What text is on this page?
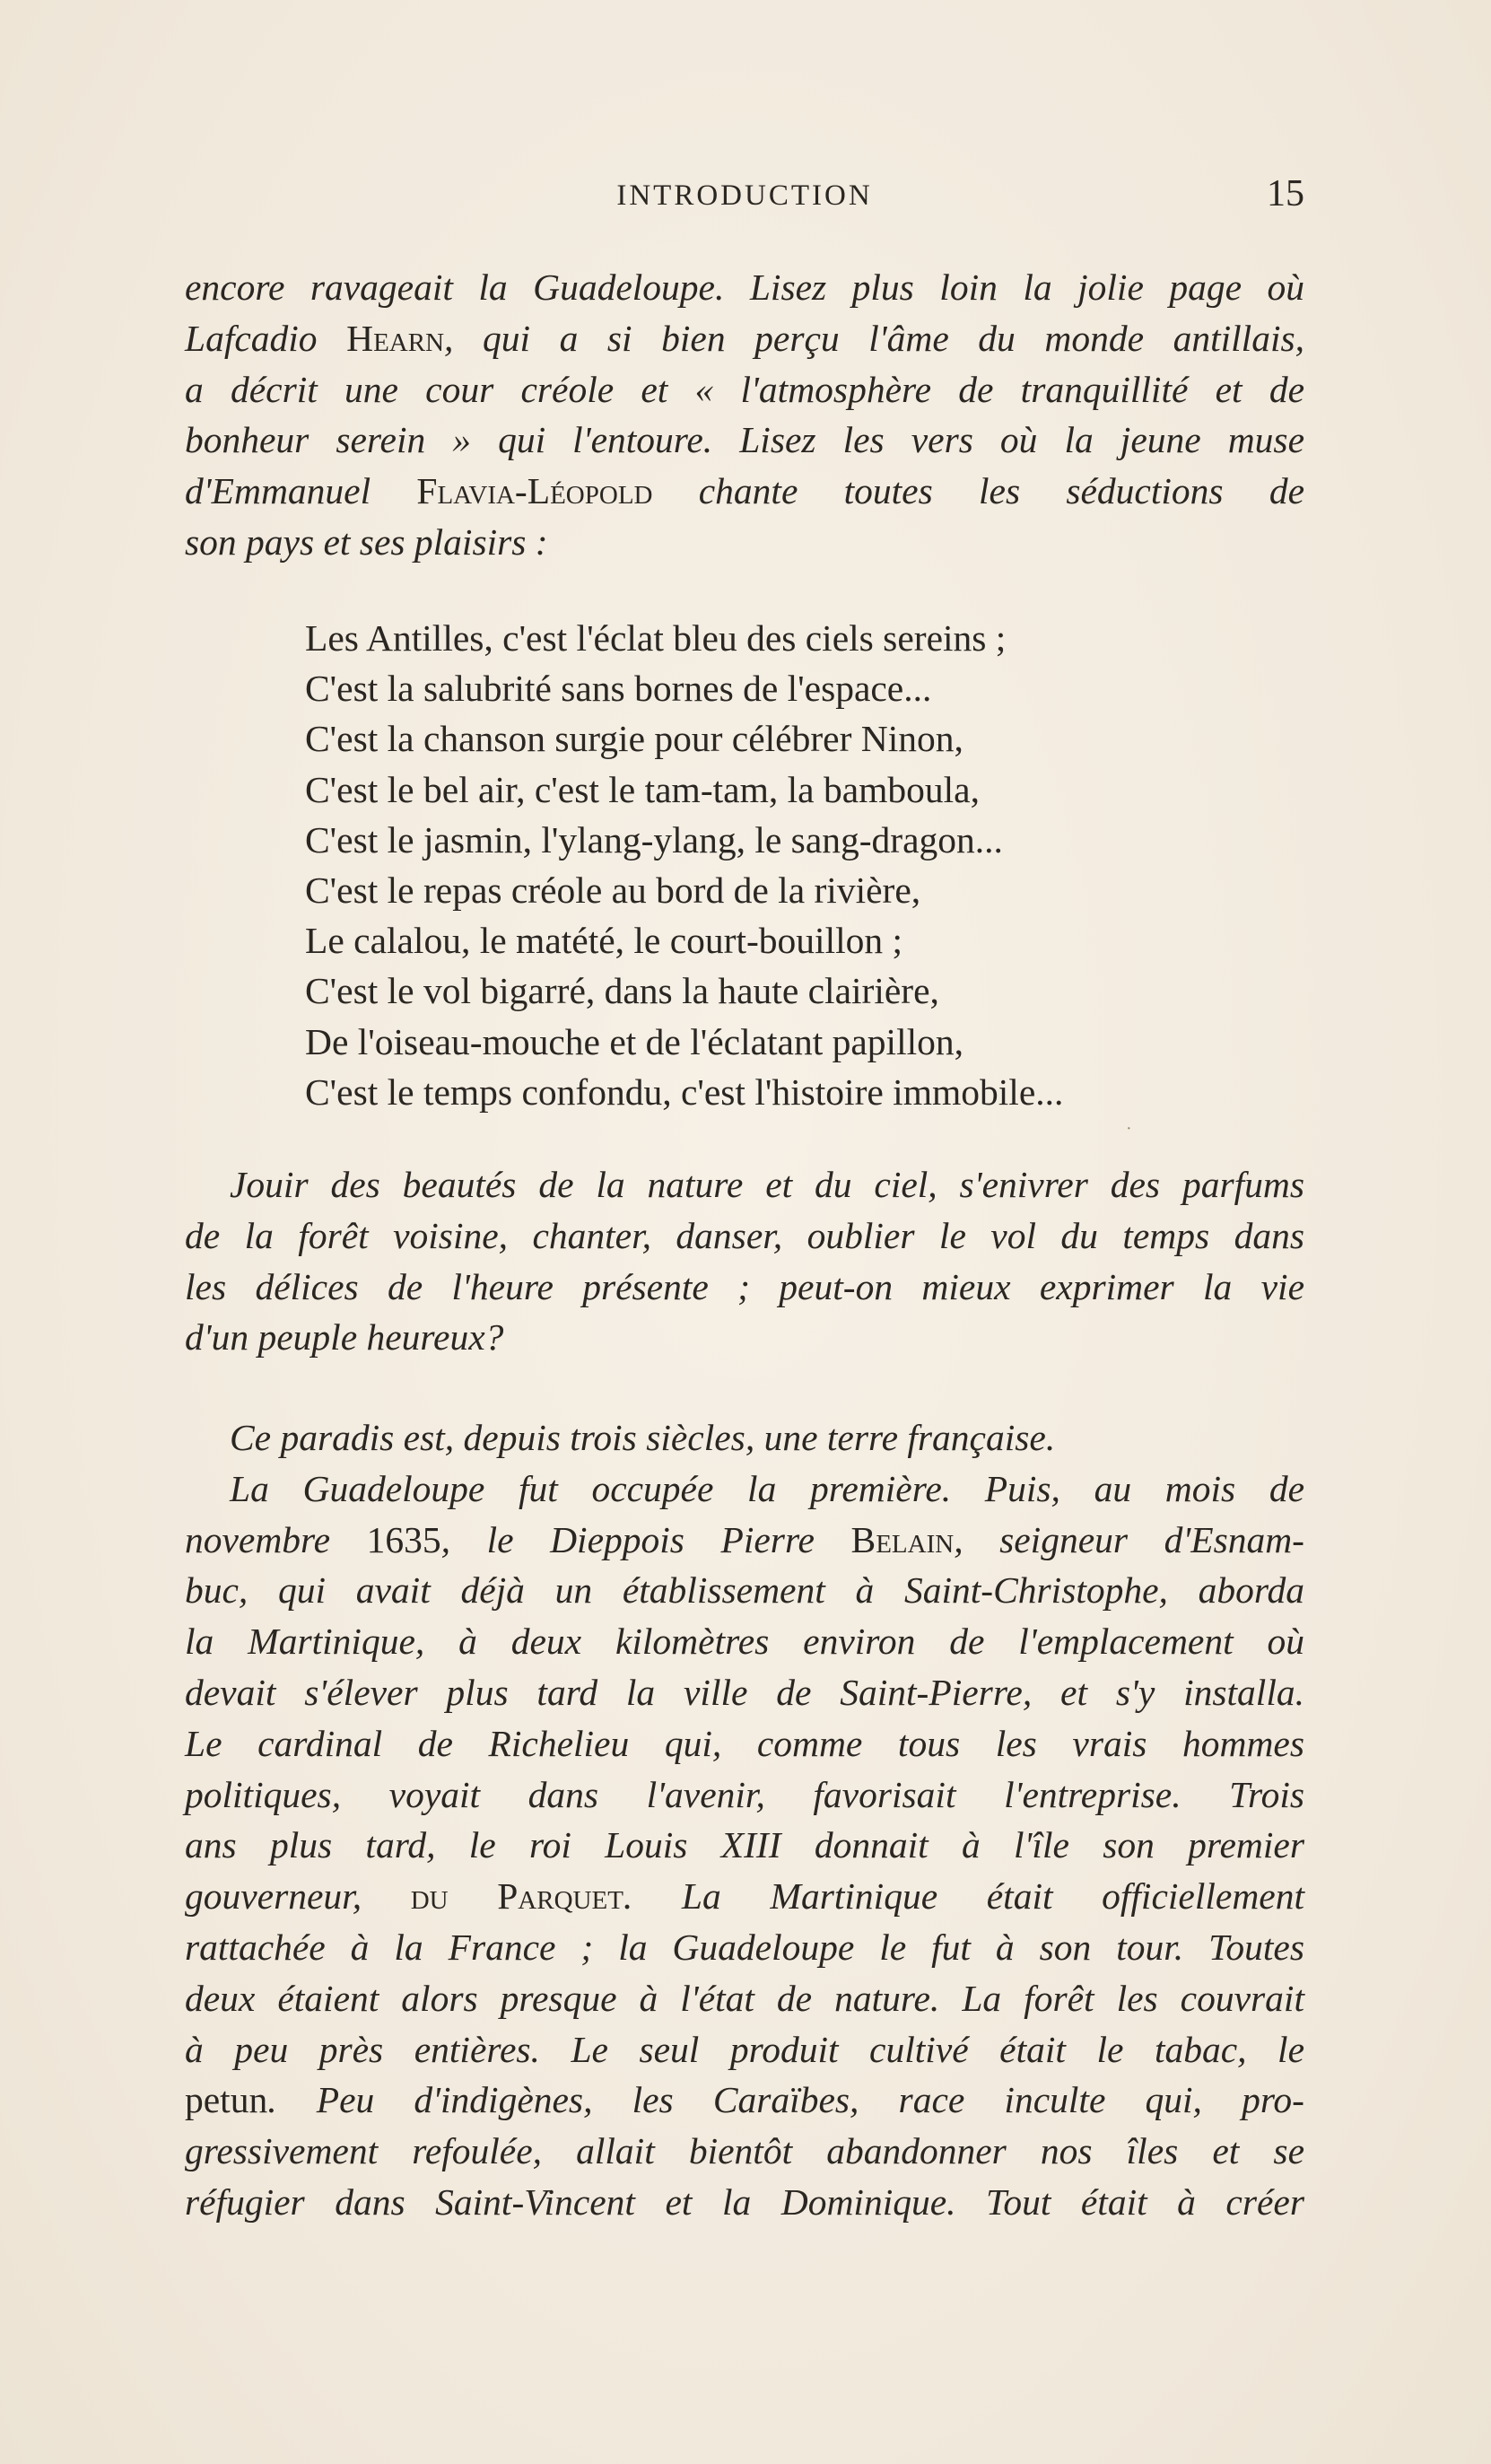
INTRODUCTION	15
encore ravageait la Guadeloupe. Lisez plus loin la jolie page où
Lafcadio Hearn, qui a si bien perçu l'âme du monde antillais,
a décrit une cour créole et « l'atmosphère de tranquillité et de
bonheur serein » qui l'entoure. Lisez les vers où la jeune muse
d'Emmanuel Flavia-Léopold chante toutes les séductions de
son pays et ses plaisirs :
Les Antilles, c'est l'éclat bleu des ciels sereins ;
C'est la salubrité sans bornes de l'espace...
C'est la chanson surgie pour célébrer Ninon,
C'est le bel air, c'est le tam-tam, la bamboula,
C'est le jasmin, l'ylang-ylang, le sang-dragon...
C'est le repas créole au bord de la rivière,
Le calalou, le matété, le court-bouillon ;
C'est le vol bigarré, dans la haute clairière,
De l'oiseau-mouche et de l'éclatant papillon,
C'est le temps confondu, c'est l'histoire immobile...
·
Jouir des beautés de la nature et du ciel, s'enivrer des parfums
de la forêt voisine, chanter, danser, oublier le vol du temps dans
les délices de l'heure présente ; peut-on mieux exprimer la vie
d'un peuple heureux?
Ce paradis est, depuis trois siècles, une terre française.
La Guadeloupe fut occupée la première. Puis, au mois de
novembre 1635, le Dieppois Pierre Belain, seigneur d'Esnam-
buc, qui avait déjà un établissement à Saint-Christophe, aborda
la Martinique, à deux kilomètres environ de l'emplacement où
devait s'élever plus tard la ville de Saint-Pierre, et s'y installa.
Le cardinal de Richelieu qui, comme tous les vrais hommes
politiques, voyait dans l'avenir, favorisait l'entreprise. Trois
ans plus tard, le roi Louis XIII donnait à l'île son premier
gouverneur, du Parquet. La Martinique était officiellement
rattachée à la France ; la Guadeloupe le fut à son tour. Toutes
deux étaient alors presque à l'état de nature. La forêt les couvrait
à peu près entières. Le seul produit cultivé était le tabac, le
petun. Peu d'indigènes, les Caraïbes, race inculte qui, pro-
gressivement refoulée, allait bientôt abandonner nos îles et se
réfugier dans Saint-Vincent et la Dominique. Tout était à créer
